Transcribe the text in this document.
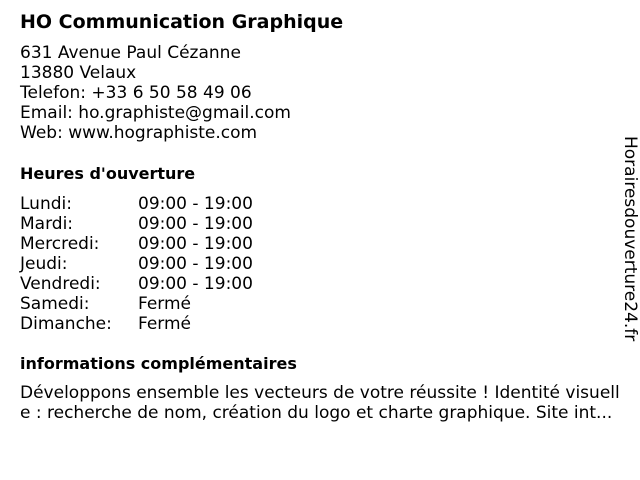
HO Communication Graphique
631 Avenue Paul Cézanne
13880 Velaux
Telefon: +33 6 50 58 49 06
Email: ho.graphiste@gmail.com
Web: www.hographiste.com
Heures d'ouverture
Lundi:	09:00 - 19:00
Mardi:	09:00 - 19:00
Mercredi:	09:00 - 19:00
Jeudi:	09:00 - 19:00
Vendredi:	09:00 - 19:00
Samedi:	Fermé
Dimanche:	Fermé
informations complémentaires
Développons ensemble les vecteurs de votre réussite ! Identité visuell
e : recherche de nom, création du logo et charte graphique. Site int...
Horairesdouverture24.fr
